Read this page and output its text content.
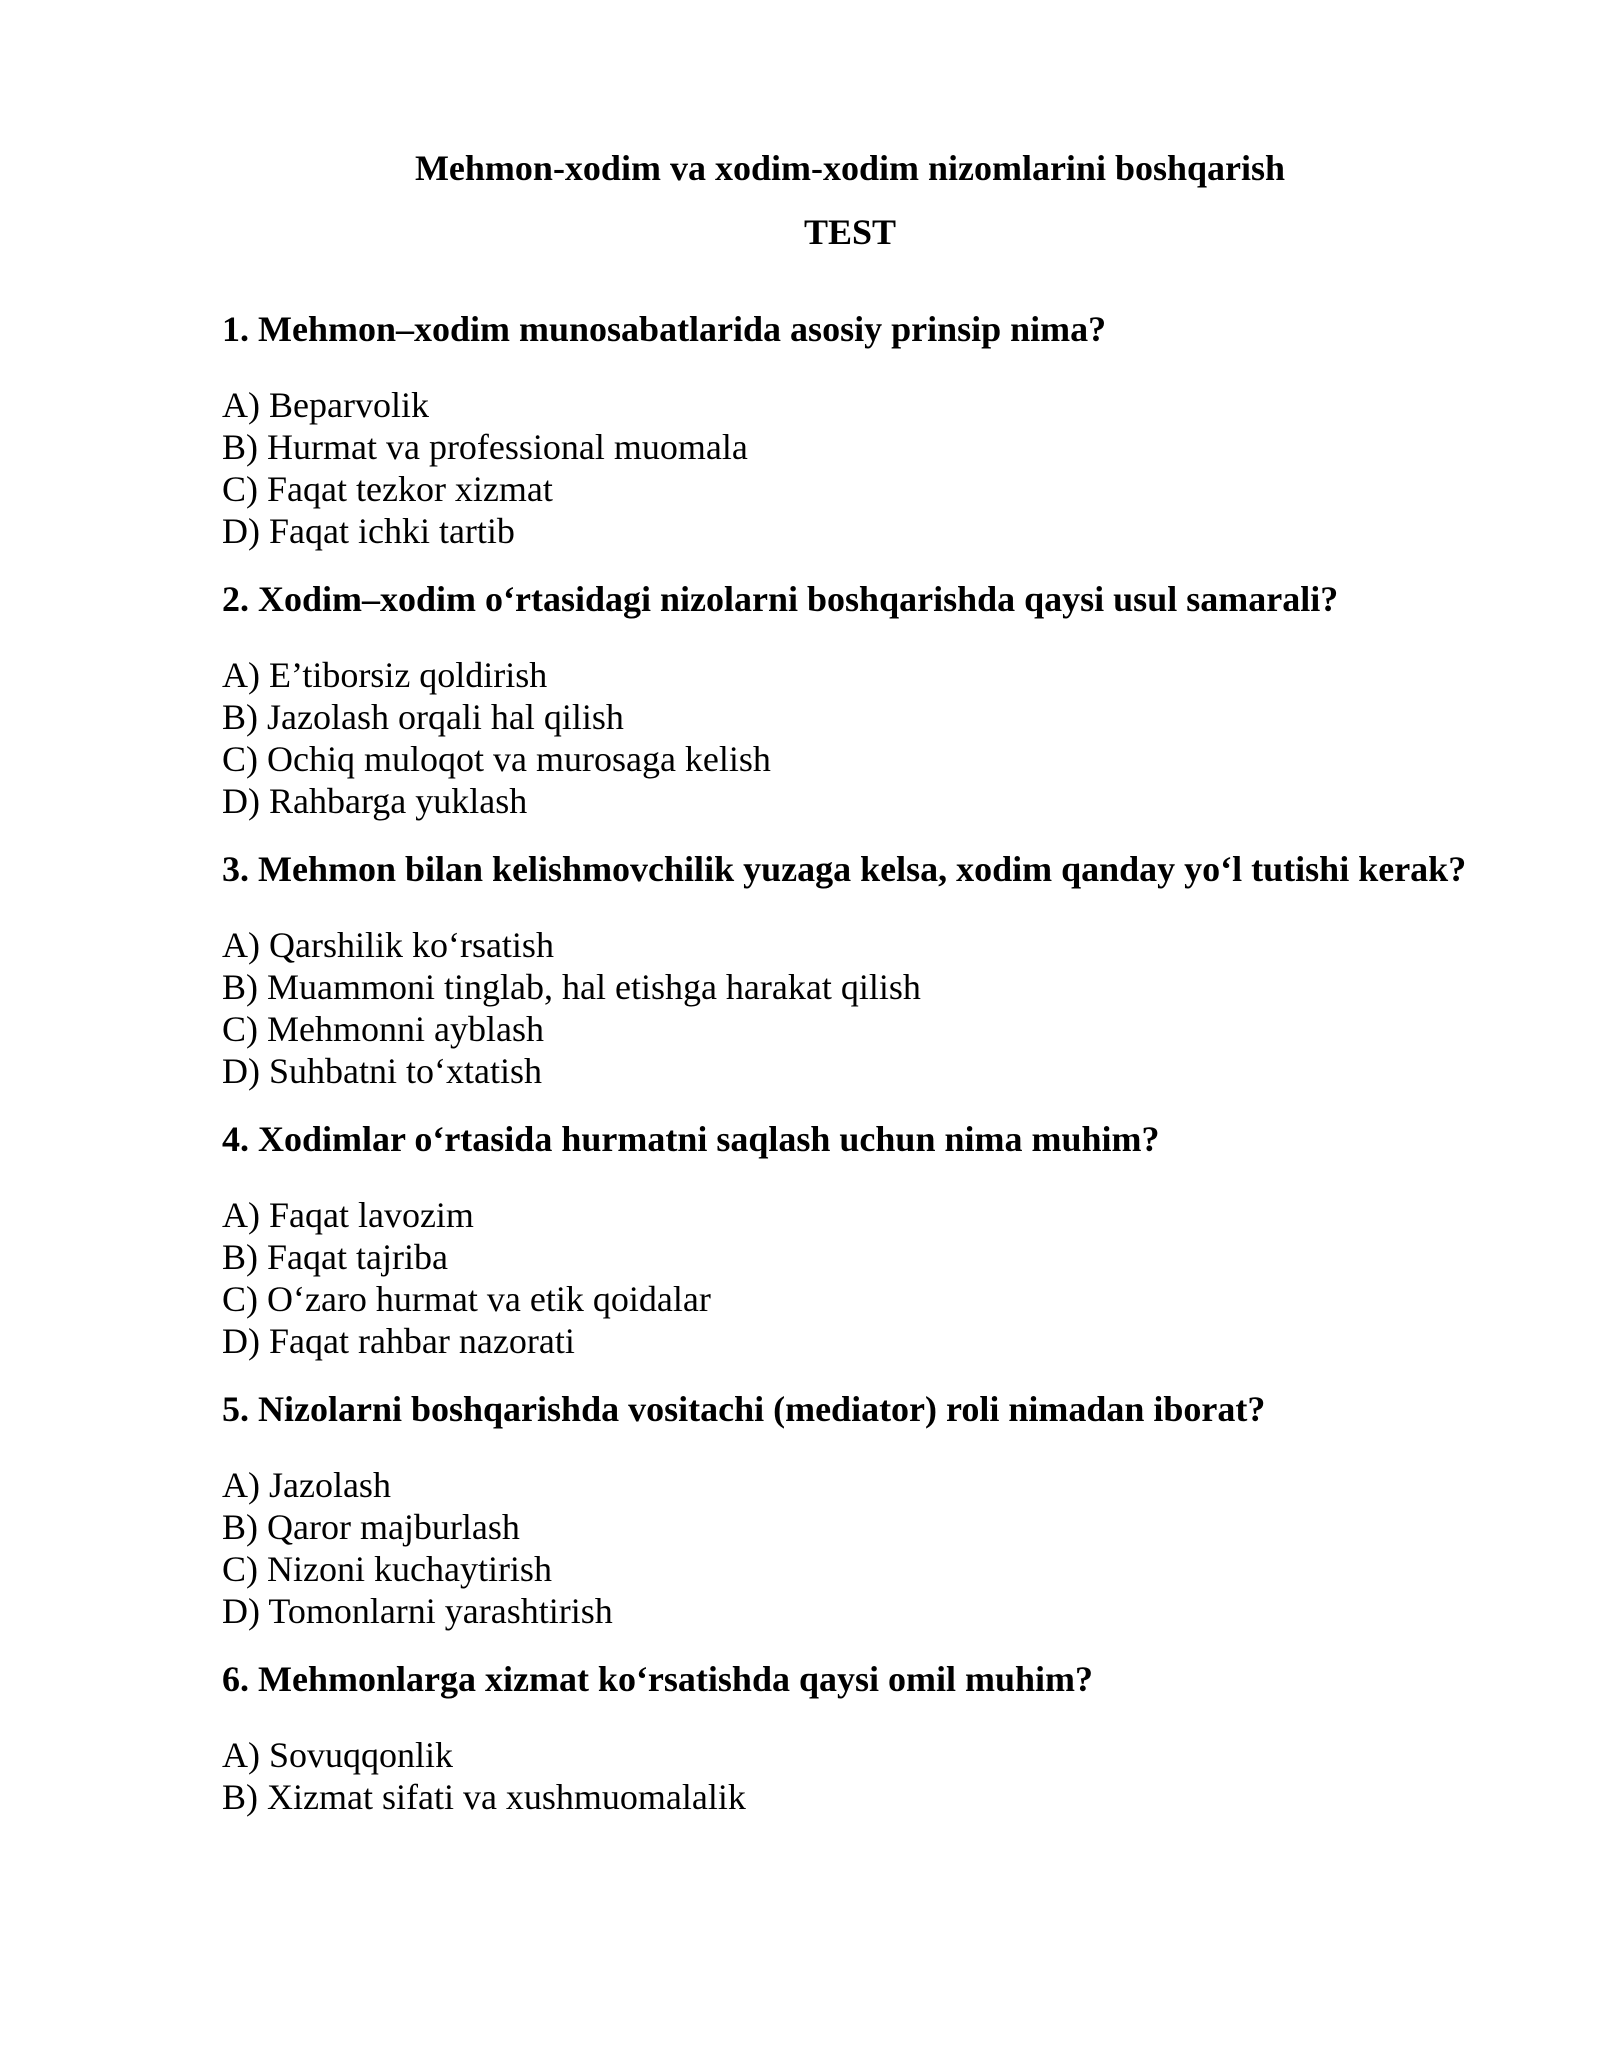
Mehmon-xodim va xodim-xodim nizomlarini boshqarish
TEST

1. Mehmon–xodim munosabatlarida asosiy prinsip nima?

A) Beparvolik
B) Hurmat va professional muomala
C) Faqat tezkor xizmat
D) Faqat ichki tartib

2. Xodim–xodim oʻrtasidagi nizolarni boshqarishda qaysi usul samarali?

A) E’tiborsiz qoldirish
B) Jazolash orqali hal qilish
C) Ochiq muloqot va murosaga kelish
D) Rahbarga yuklash

3. Mehmon bilan kelishmovchilik yuzaga kelsa, xodim qanday yoʻl tutishi kerak?

A) Qarshilik koʻrsatish
B) Muammoni tinglab, hal etishga harakat qilish
C) Mehmonni ayblash
D) Suhbatni toʻxtatish

4. Xodimlar oʻrtasida hurmatni saqlash uchun nima muhim?

A) Faqat lavozim
B) Faqat tajriba
C) Oʻzaro hurmat va etik qoidalar
D) Faqat rahbar nazorati

5. Nizolarni boshqarishda vositachi (mediator) roli nimadan iborat?

A) Jazolash
B) Qaror majburlash
C) Nizoni kuchaytirish
D) Tomonlarni yarashtirish

6. Mehmonlarga xizmat koʻrsatishda qaysi omil muhim?

A) Sovuqqonlik
B) Xizmat sifati va xushmuomalalik
